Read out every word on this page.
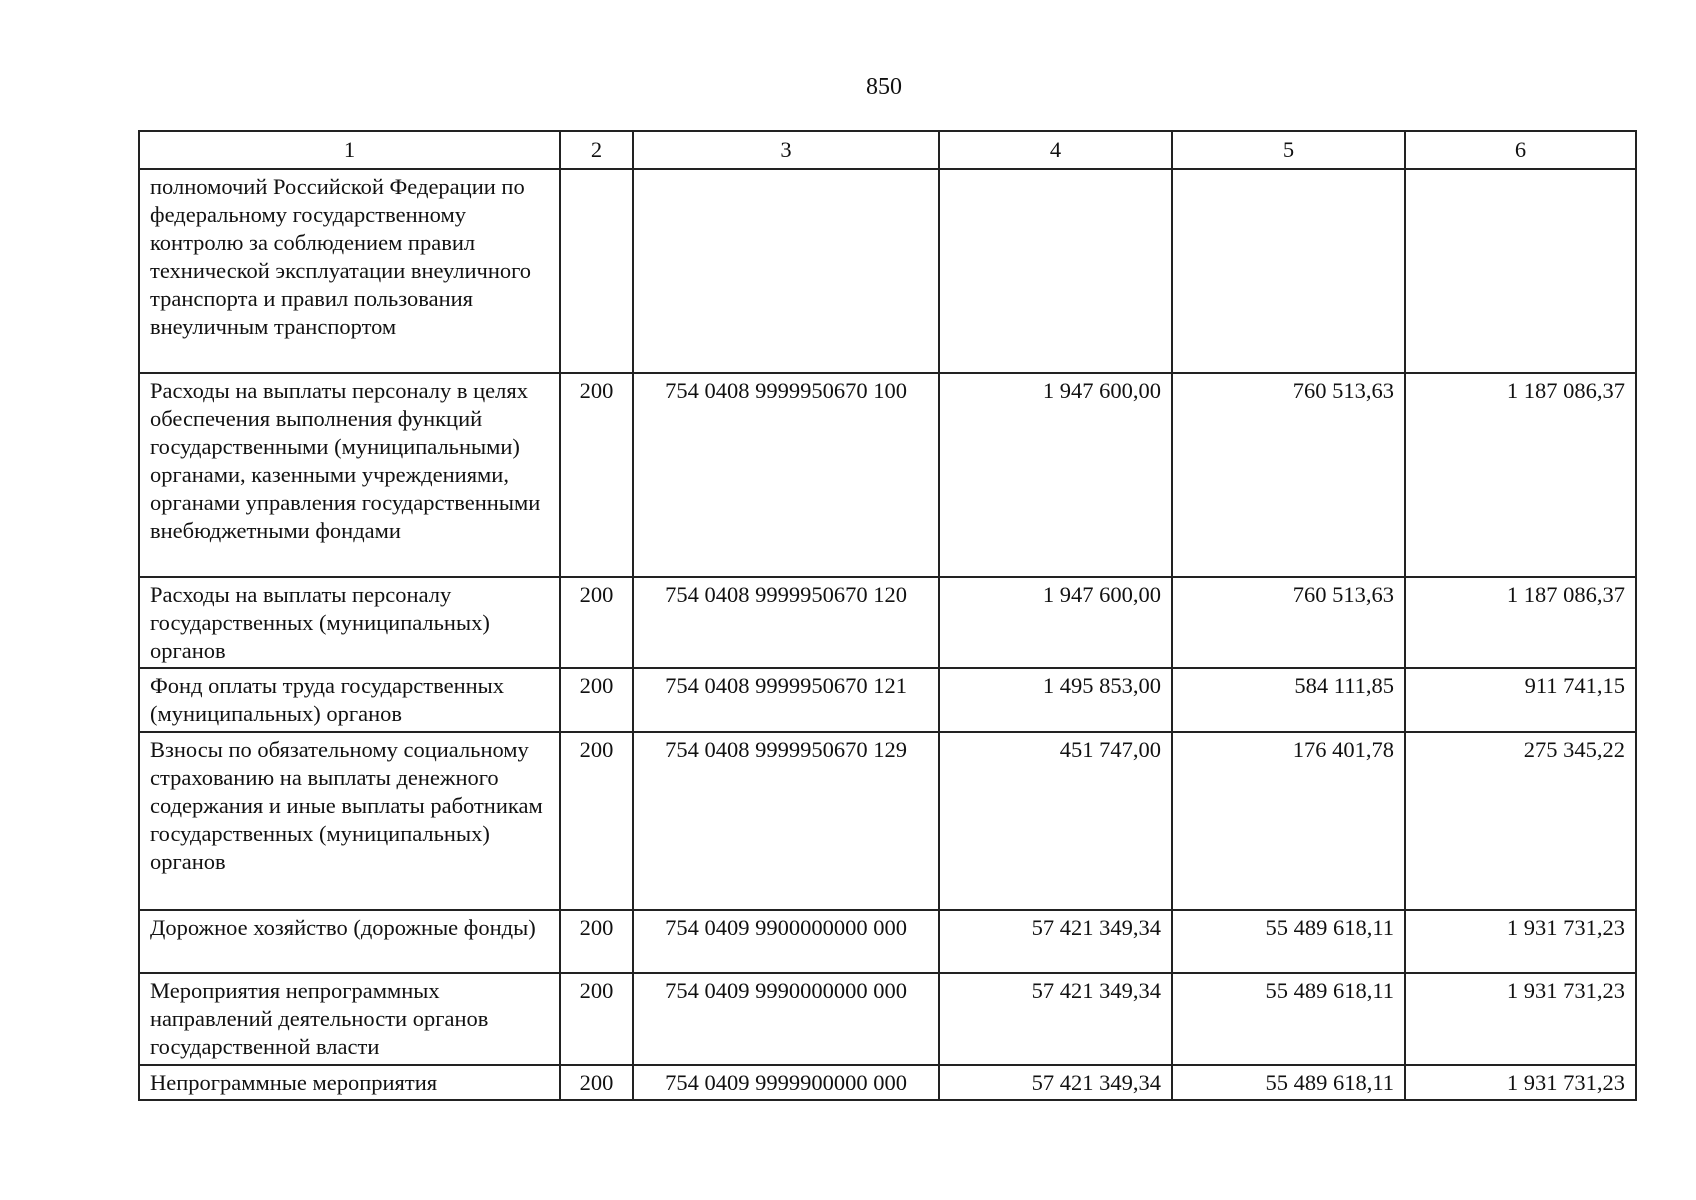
850
1	2	3	4	5	6
полномочий Российской Федерации по федеральному государственному контролю за соблюдением правил технической эксплуатации внеуличного транспорта и правил пользования внеуличным транспортом					
Расходы на выплаты персоналу в целях обеспечения выполнения функций государственными (муниципальными) органами, казенными учреждениями, органами управления государственными внебюджетными фондами	200	754 0408 9999950670 100	1 947 600,00	760 513,63	1 187 086,37
Расходы на выплаты персоналу государственных (муниципальных) органов	200	754 0408 9999950670 120	1 947 600,00	760 513,63	1 187 086,37
Фонд оплаты труда государственных (муниципальных) органов	200	754 0408 9999950670 121	1 495 853,00	584 111,85	911 741,15
Взносы по обязательному социальному страхованию на выплаты денежного содержания и иные выплаты работникам государственных (муниципальных) органов	200	754 0408 9999950670 129	451 747,00	176 401,78	275 345,22
Дорожное хозяйство (дорожные фонды)	200	754 0409 9900000000 000	57 421 349,34	55 489 618,11	1 931 731,23
Мероприятия непрограммных направлений деятельности органов государственной власти	200	754 0409 9990000000 000	57 421 349,34	55 489 618,11	1 931 731,23
Непрограммные мероприятия	200	754 0409 9999900000 000	57 421 349,34	55 489 618,11	1 931 731,23
